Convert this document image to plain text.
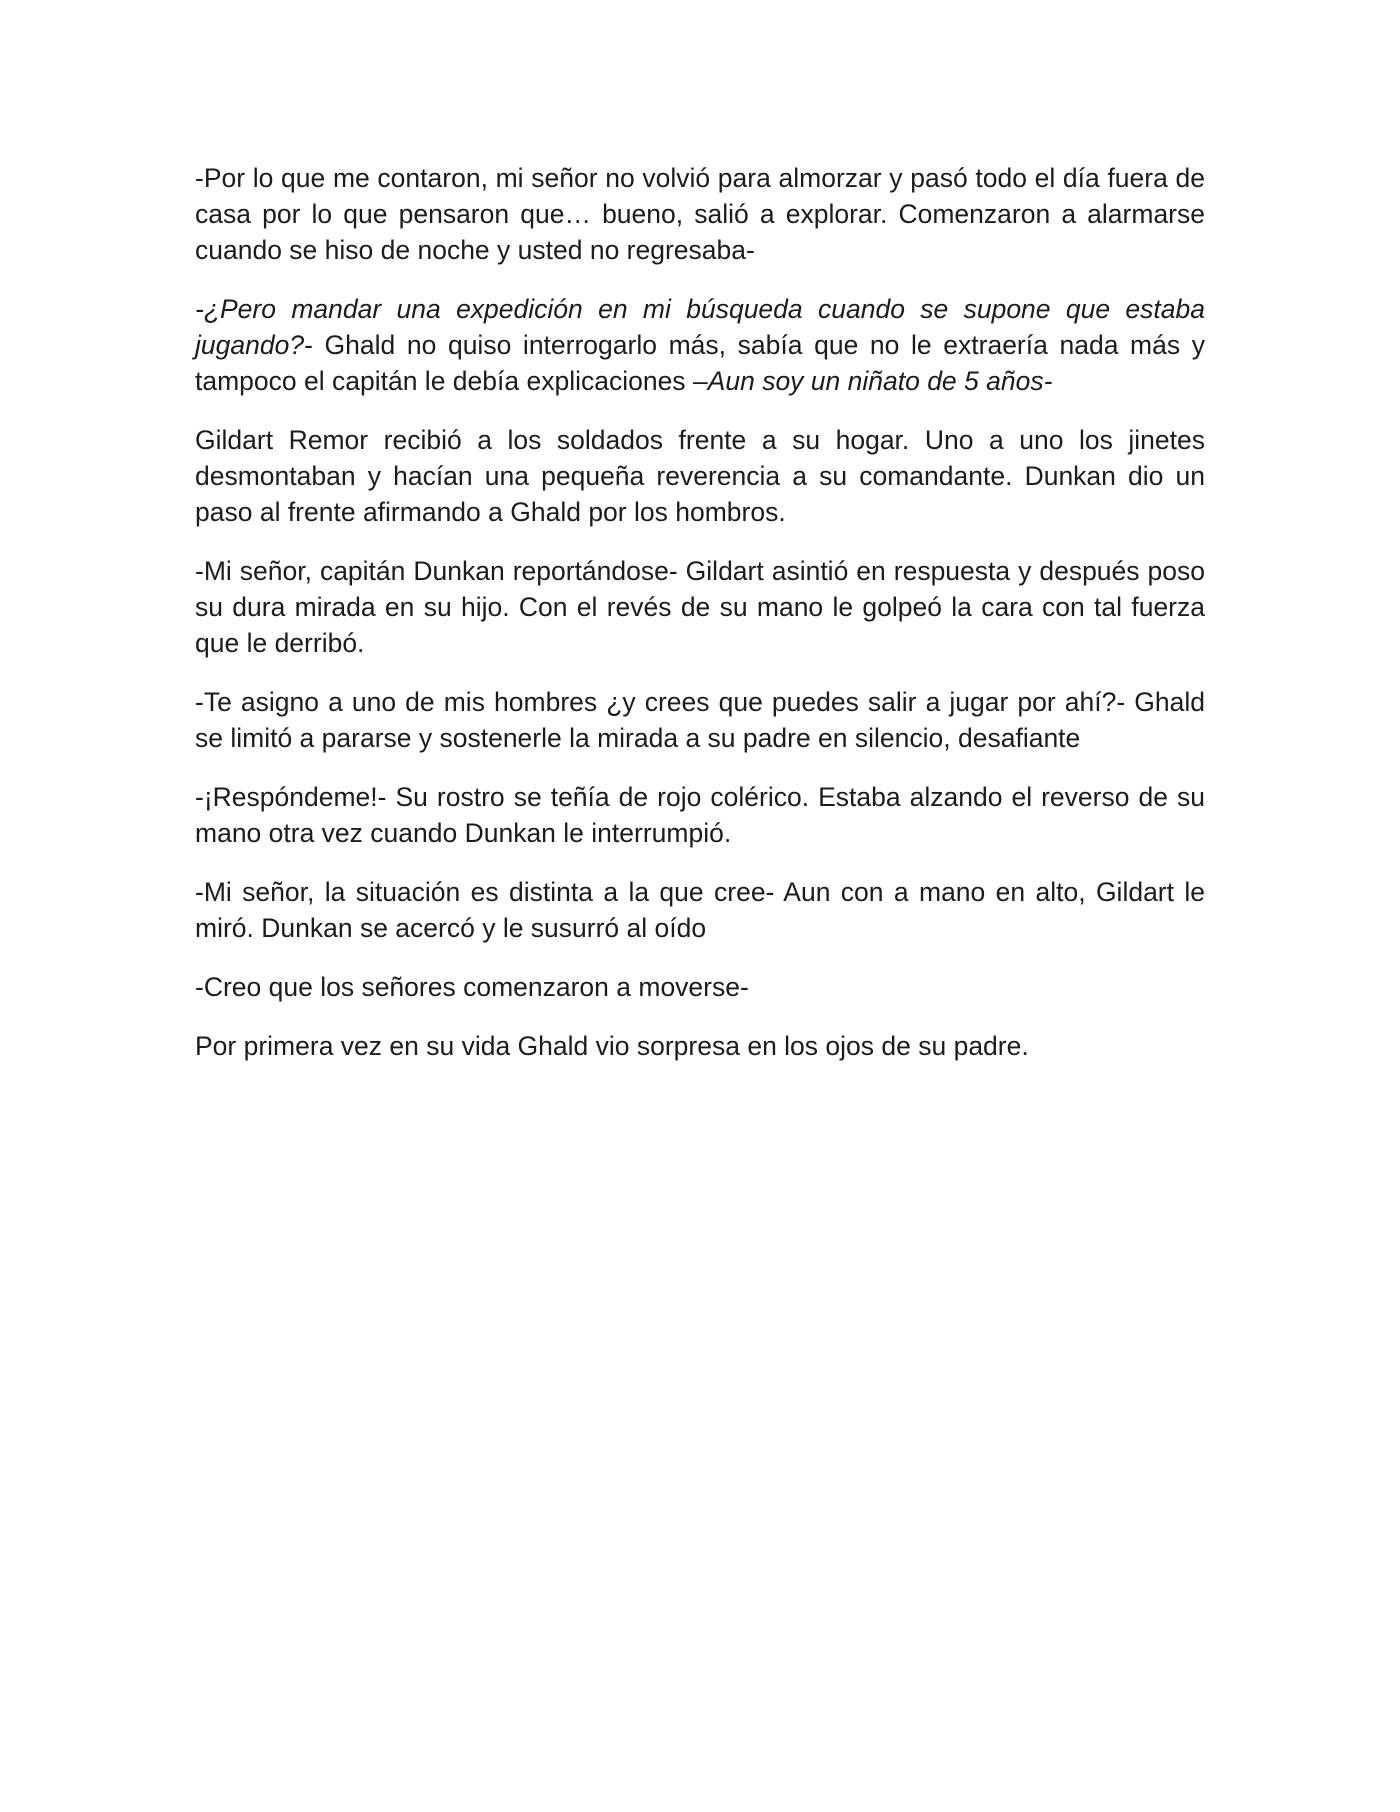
-Por lo que me contaron, mi señor no volvió para almorzar y pasó todo el día fuera de casa por lo que pensaron que… bueno, salió a explorar. Comenzaron a alarmarse cuando se hiso de noche y usted no regresaba-

-¿Pero mandar una expedición en mi búsqueda cuando se supone que estaba jugando?- Ghald no quiso interrogarlo más, sabía que no le extraería nada más y tampoco el capitán le debía explicaciones –Aun soy un niñato de 5 años-

Gildart Remor recibió a los soldados frente a su hogar. Uno a uno los jinetes desmontaban y hacían una pequeña reverencia a su comandante. Dunkan dio un paso al frente afirmando a Ghald por los hombros.

-Mi señor, capitán Dunkan reportándose- Gildart asintió en respuesta y después poso su dura mirada en su hijo. Con el revés de su mano le golpeó la cara con tal fuerza que le derribó.

-Te asigno a uno de mis hombres ¿y crees que puedes salir a jugar por ahí?- Ghald se limitó a pararse y sostenerle la mirada a su padre en silencio, desafiante

-¡Respóndeme!- Su rostro se teñía de rojo colérico. Estaba alzando el reverso de su mano otra vez cuando Dunkan le interrumpió.

-Mi señor, la situación es distinta a la que cree- Aun con a mano en alto, Gildart le miró. Dunkan se acercó y le susurró al oído

-Creo que los señores comenzaron a moverse-

Por primera vez en su vida Ghald vio sorpresa en los ojos de su padre.
